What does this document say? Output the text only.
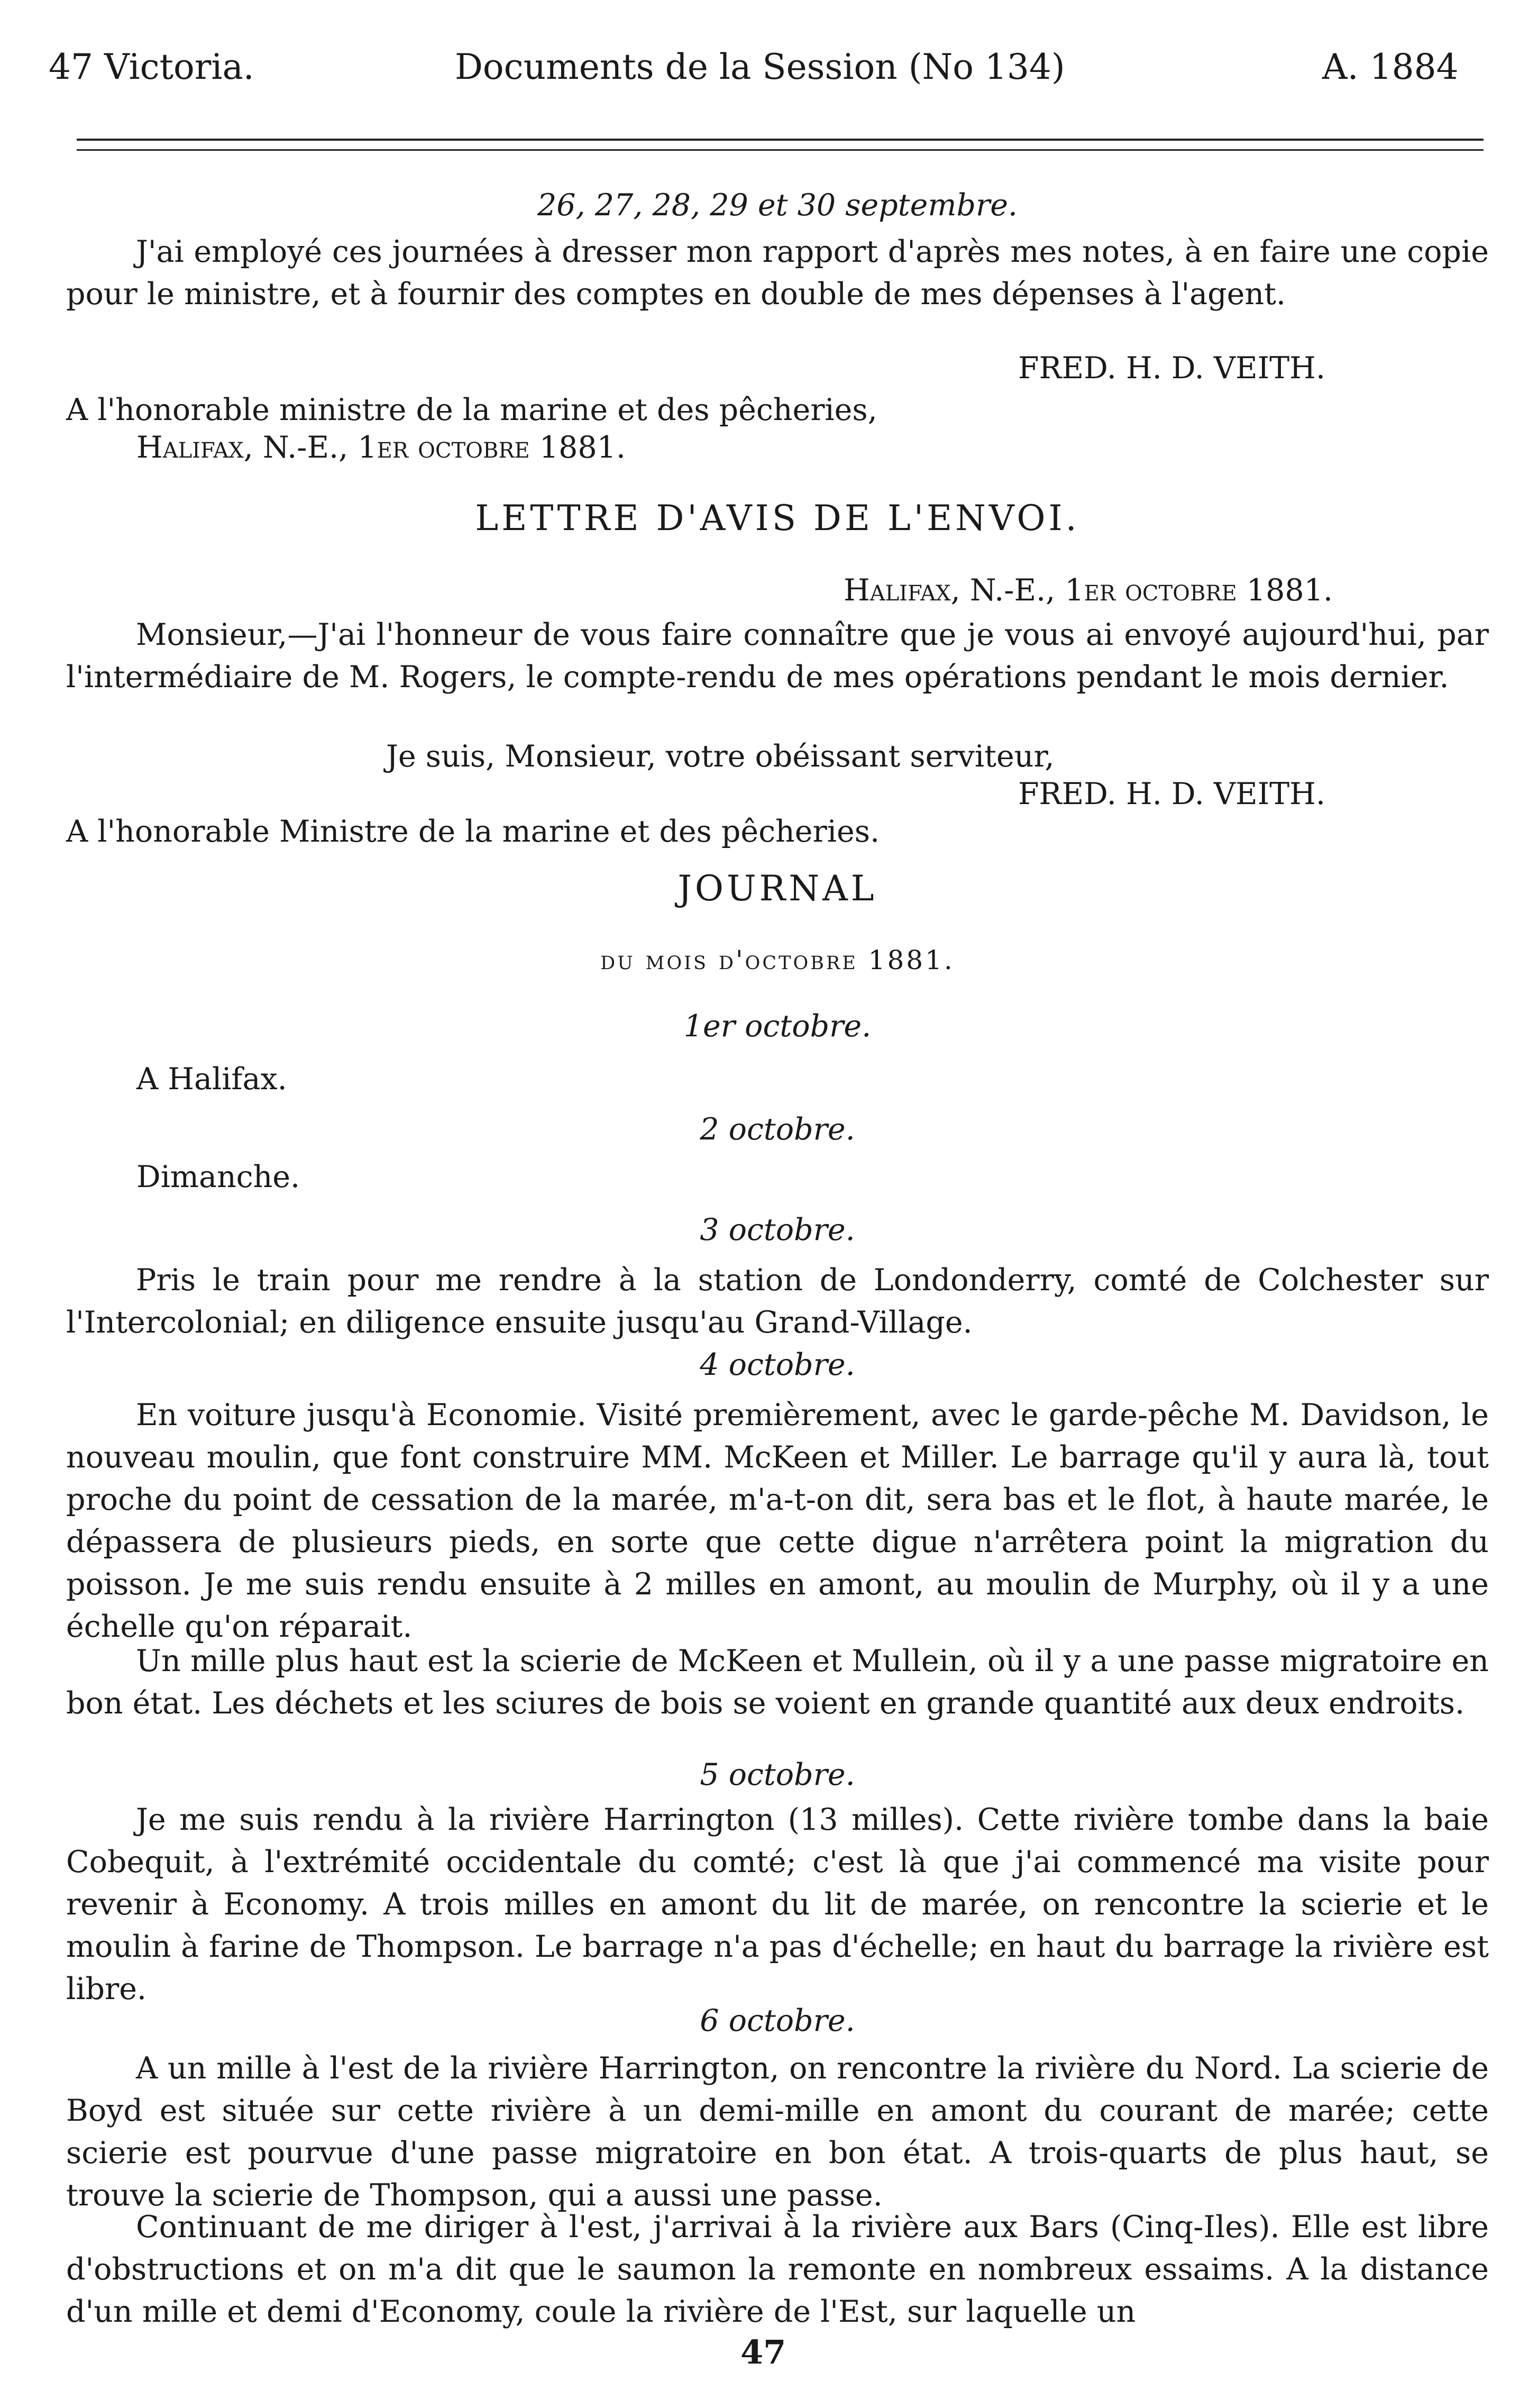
47 Victoria.	Documents de la Session (No 134)	A. 1884
26, 27, 28, 29 et 30 septembre.
J'ai employé ces journées à dresser mon rapport d'après mes notes, à en faire une copie pour le ministre, et à fournir des comptes en double de mes dépenses à l'agent.
FRED. H. D. VEITH.
A l'honorable ministre de la marine et des pêcheries,
Halifax, N.-E., 1er octobre 1881.
LETTRE D'AVIS DE L'ENVOI.
Halifax, N.-E., 1er octobre 1881.
Monsieur,—J'ai l'honneur de vous faire connaître que je vous ai envoyé aujourd'hui, par l'intermédiaire de M. Rogers, le compte-rendu de mes opérations pendant le mois dernier.
Je suis, Monsieur, votre obéissant serviteur,
FRED. H. D. VEITH.
A l'honorable Ministre de la marine et des pêcheries.
JOURNAL
du mois d'octobre 1881.
1er octobre.
A Halifax.
2 octobre.
Dimanche.
3 octobre.
Pris le train pour me rendre à la station de Londonderry, comté de Colchester sur l'Intercolonial; en diligence ensuite jusqu'au Grand-Village.
4 octobre.
En voiture jusqu'à Economie. Visité premièrement, avec le garde-pêche M. Davidson, le nouveau moulin, que font construire MM. McKeen et Miller. Le barrage qu'il y aura là, tout proche du point de cessation de la marée, m'a-t-on dit, sera bas et le flot, à haute marée, le dépassera de plusieurs pieds, en sorte que cette digue n'arrêtera point la migration du poisson. Je me suis rendu ensuite à 2 milles en amont, au moulin de Murphy, où il y a une échelle qu'on réparait.
Un mille plus haut est la scierie de McKeen et Mullein, où il y a une passe migratoire en bon état. Les déchets et les sciures de bois se voient en grande quantité aux deux endroits.
5 octobre.
Je me suis rendu à la rivière Harrington (13 milles). Cette rivière tombe dans la baie Cobequit, à l'extrémité occidentale du comté; c'est là que j'ai commencé ma visite pour revenir à Economy. A trois milles en amont du lit de marée, on rencontre la scierie et le moulin à farine de Thompson. Le barrage n'a pas d'échelle; en haut du barrage la rivière est libre.
6 octobre.
A un mille à l'est de la rivière Harrington, on rencontre la rivière du Nord. La scierie de Boyd est située sur cette rivière à un demi-mille en amont du courant de marée; cette scierie est pourvue d'une passe migratoire en bon état. A trois-quarts de plus haut, se trouve la scierie de Thompson, qui a aussi une passe.
Continuant de me diriger à l'est, j'arrivai à la rivière aux Bars (Cinq-Iles). Elle est libre d'obstructions et on m'a dit que le saumon la remonte en nombreux essaims. A la distance d'un mille et demi d'Economy, coule la rivière de l'Est, sur laquelle un
47
